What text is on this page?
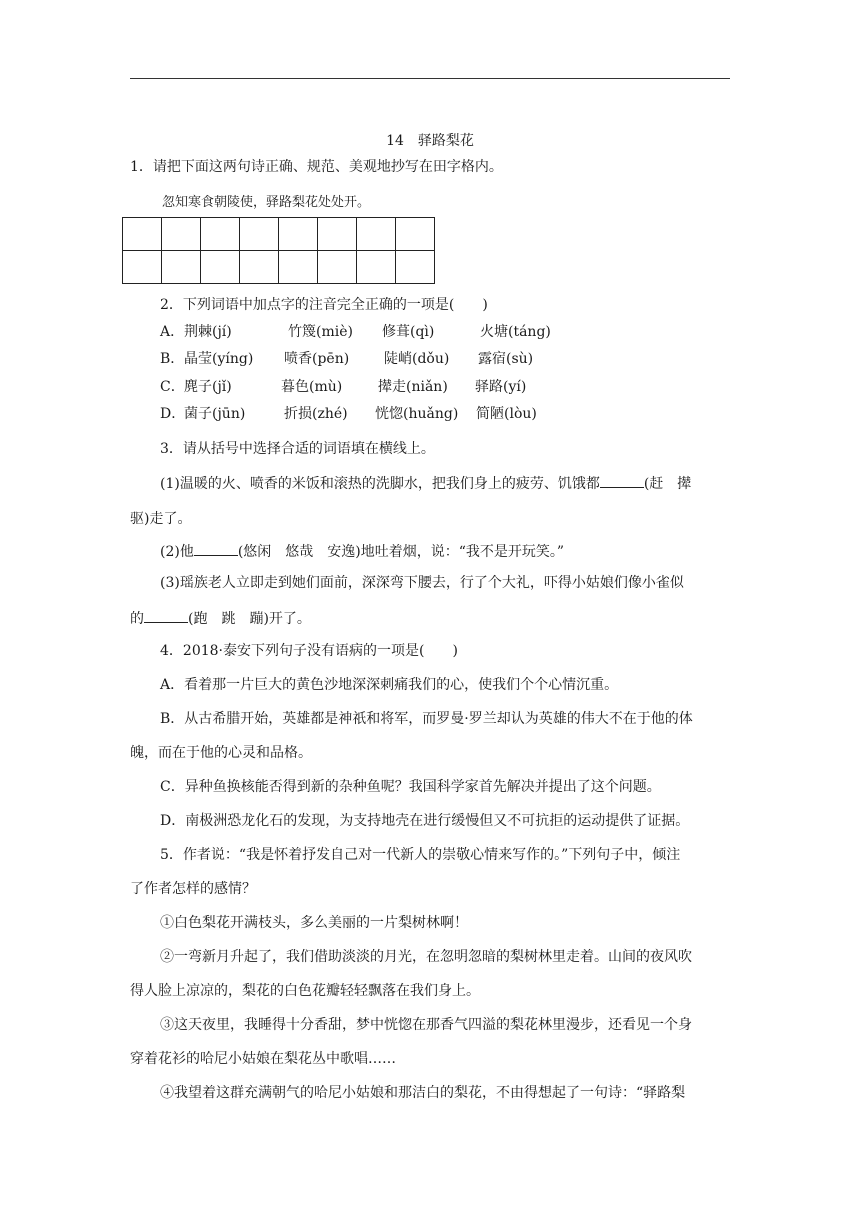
14　驿路梨花
1．请把下面这两句诗正确、规范、美观地抄写在田字格内。
忽知寒食朝陵使，驿路梨花处处开。

2．下列词语中加点字的注音完全正确的一项是(　　)
A． 荆棘(jí)	竹篾(miè) 修葺(qì)	火塘(táng)
B． 晶莹(yíng) 喷香(pēn) 陡峭(dǒu) 露宿(sù)
C． 麂子(jǐ)	暮色(mù)	撵走(niǎn) 驿路(yí)
D．
菌子(jūn)	折损(zhé) 恍惚(huǎng) 简陋(lòu)
3．请从括号中选择合适的词语填在横线上。
(1)温暖的火、喷香的米饭和滚热的洗脚水，把我们身上的疲劳、饥饿都	(赶　撵
驱)走了。
(2)他	(悠闲　悠哉　安逸)地吐着烟，说：“我不是开玩笑。”
(3)瑶族老人立即走到她们面前，深深弯下腰去，行了个大礼，吓得小姑娘们像小雀似
的	(跑　跳　蹦)开了。
4．2018·泰安下列句子没有语病的一项是(　　)
A．看着那一片巨大的黄色沙地深深刺痛我们的心，使我们个个心情沉重。
B．从古希腊开始，英雄都是神祇和将军，而罗曼·罗兰却认为英雄的伟大不在于他的体
魄，而在于他的心灵和品格。
C．异种鱼换核能否得到新的杂种鱼呢？我国科学家首先解决并提出了这个问题。
D．南极洲恐龙化石的发现，为支持地壳在进行缓慢但又不可抗拒的运动提供了证据。
5．作者说：“我是怀着抒发自己对一代新人的崇敬心情来写作的。”下列句子中，倾注
了作者怎样的感情？
①白色梨花开满枝头，多么美丽的一片梨树林啊！
②一弯新月升起了，我们借助淡淡的月光，在忽明忽暗的梨树林里走着。山间的夜风吹
得人脸上凉凉的，梨花的白色花瓣轻轻飘落在我们身上。
③这天夜里，我睡得十分香甜，梦中恍惚在那香气四溢的梨花林里漫步，还看见一个身
穿着花衫的哈尼小姑娘在梨花丛中歌唱……
④我望着这群充满朝气的哈尼小姑娘和那洁白的梨花，不由得想起了一句诗：“驿路梨
